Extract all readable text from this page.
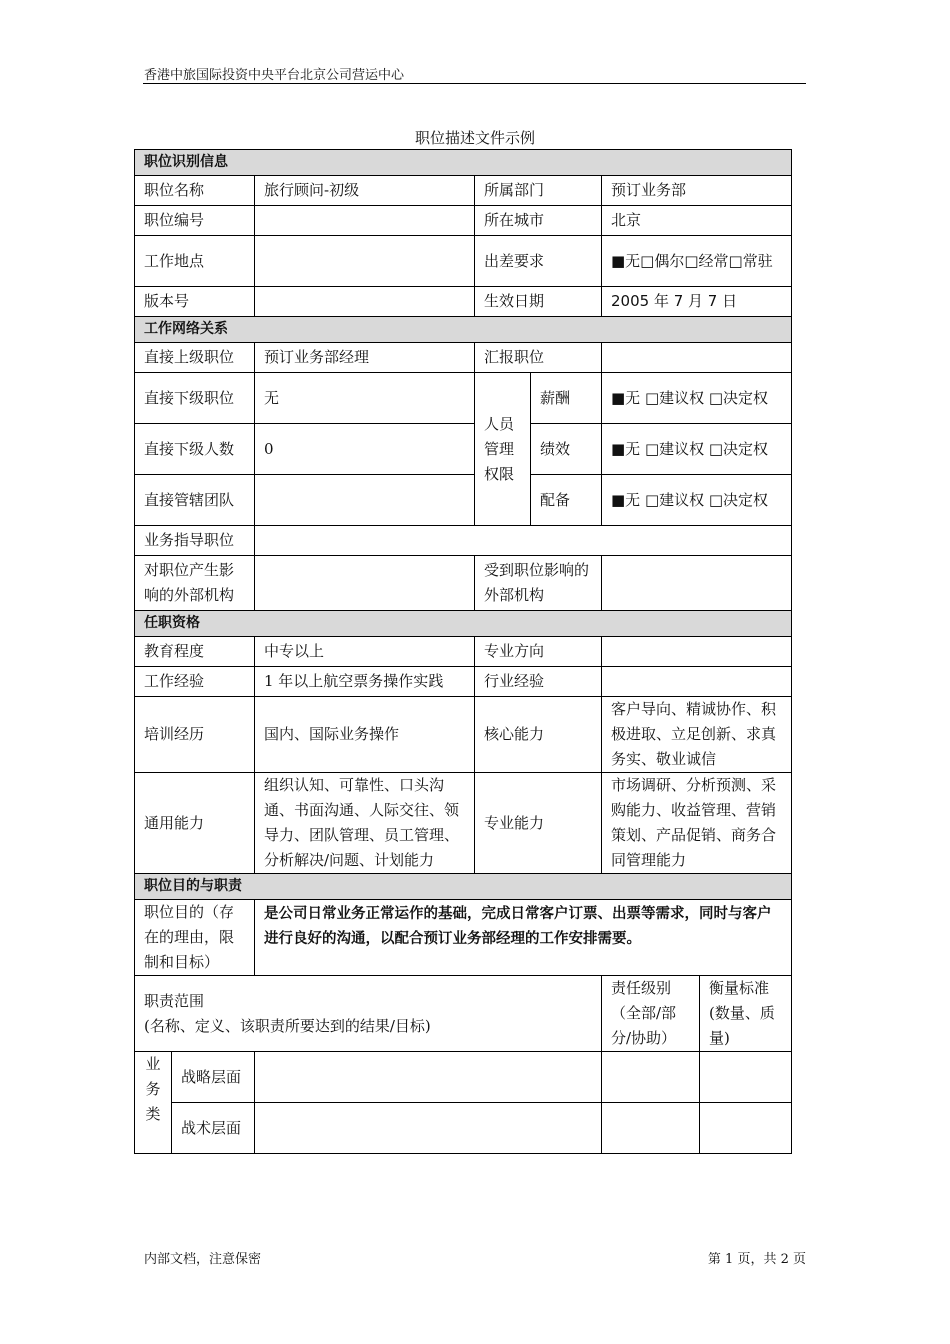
香港中旅国际投资中央平台北京公司营运中心
职位描述文件示例
职位识别信息						
职位名称		旅行顾问-初级	所属部门		预订业务部	
职位编号			所在城市		北京	
工作地点			出差要求		■无□偶尔□经常□常驻	
版本号			生效日期		2005 年 7 月 7 日	
工作网络关系						
直接上级职位		预订业务部经理	汇报职位			
直接下级职位		无	人员管理权限	薪酬	■无 □建议权 □决定权	
直接下级人数		0		绩效	■无 □建议权 □决定权	
直接管辖团队				配备	■无 □建议权 □决定权	
业务指导职位						
对职位产生影响的外部机构			受到职位影响的外部机构			
任职资格						
教育程度		中专以上	专业方向			
工作经验		1 年以上航空票务操作实践	行业经验			
培训经历		国内、国际业务操作	核心能力		客户导向、精诚协作、积极进取、立足创新、求真务实、敬业诚信	
通用能力		组织认知、可靠性、口头沟通、书面沟通、人际交往、领导力、团队管理、员工管理、分析解决/问题、计划能力	专业能力		市场调研、分析预测、采购能力、收益管理、营销策划、产品促销、商务合同管理能力	
职位目的与职责						
职位目的（存在的理由，限制和目标）		是公司日常业务正常运作的基础，完成日常客户订票、出票等需求，同时与客户进行良好的沟通，以配合预订业务部经理的工作安排需要。				

职责范围
(名称、定义、该职责所要达到的结果/目标)					责任级别（全部/部分/协助）	衡量标准(数量、质量)
业务类	战略层面					
	战术层面					
内部文档，注意保密	第 1 页，共 2 页
